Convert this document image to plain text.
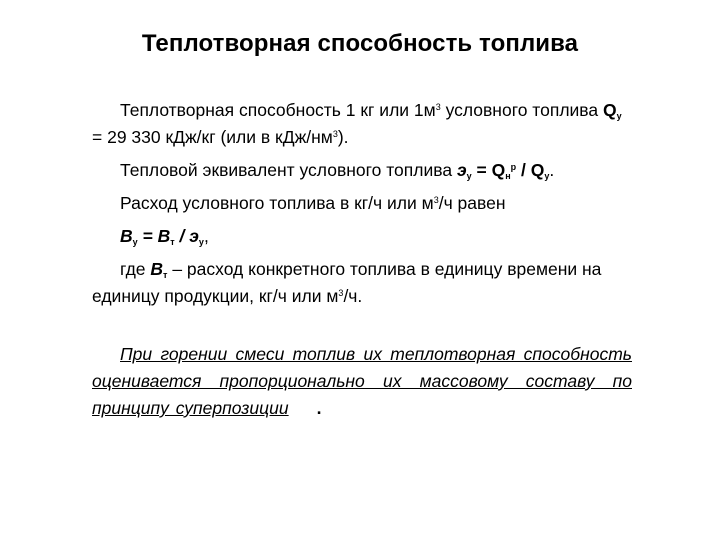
Теплотворная способность топлива

Теплотворная способность 1 кг или $1м^3$ условного топлива $Q_у = 29$ 330 кДж/кг (или в кДж/$нм^3$).

Тепловой эквивалент условного топлива $э_у = Q_н^р / Q_у$.

Расход условного топлива в кг/ч или $м^3/ч$ равен

$В_у = В_т / э_у$,

где $В_т$ – расход конкретного топлива в единицу времени на единицу продукции, кг/ч или $м^3/ч$.

При горении смеси топлив их теплотворная способность оценивается пропорционально их массовому составу по принципу суперпозиции .
